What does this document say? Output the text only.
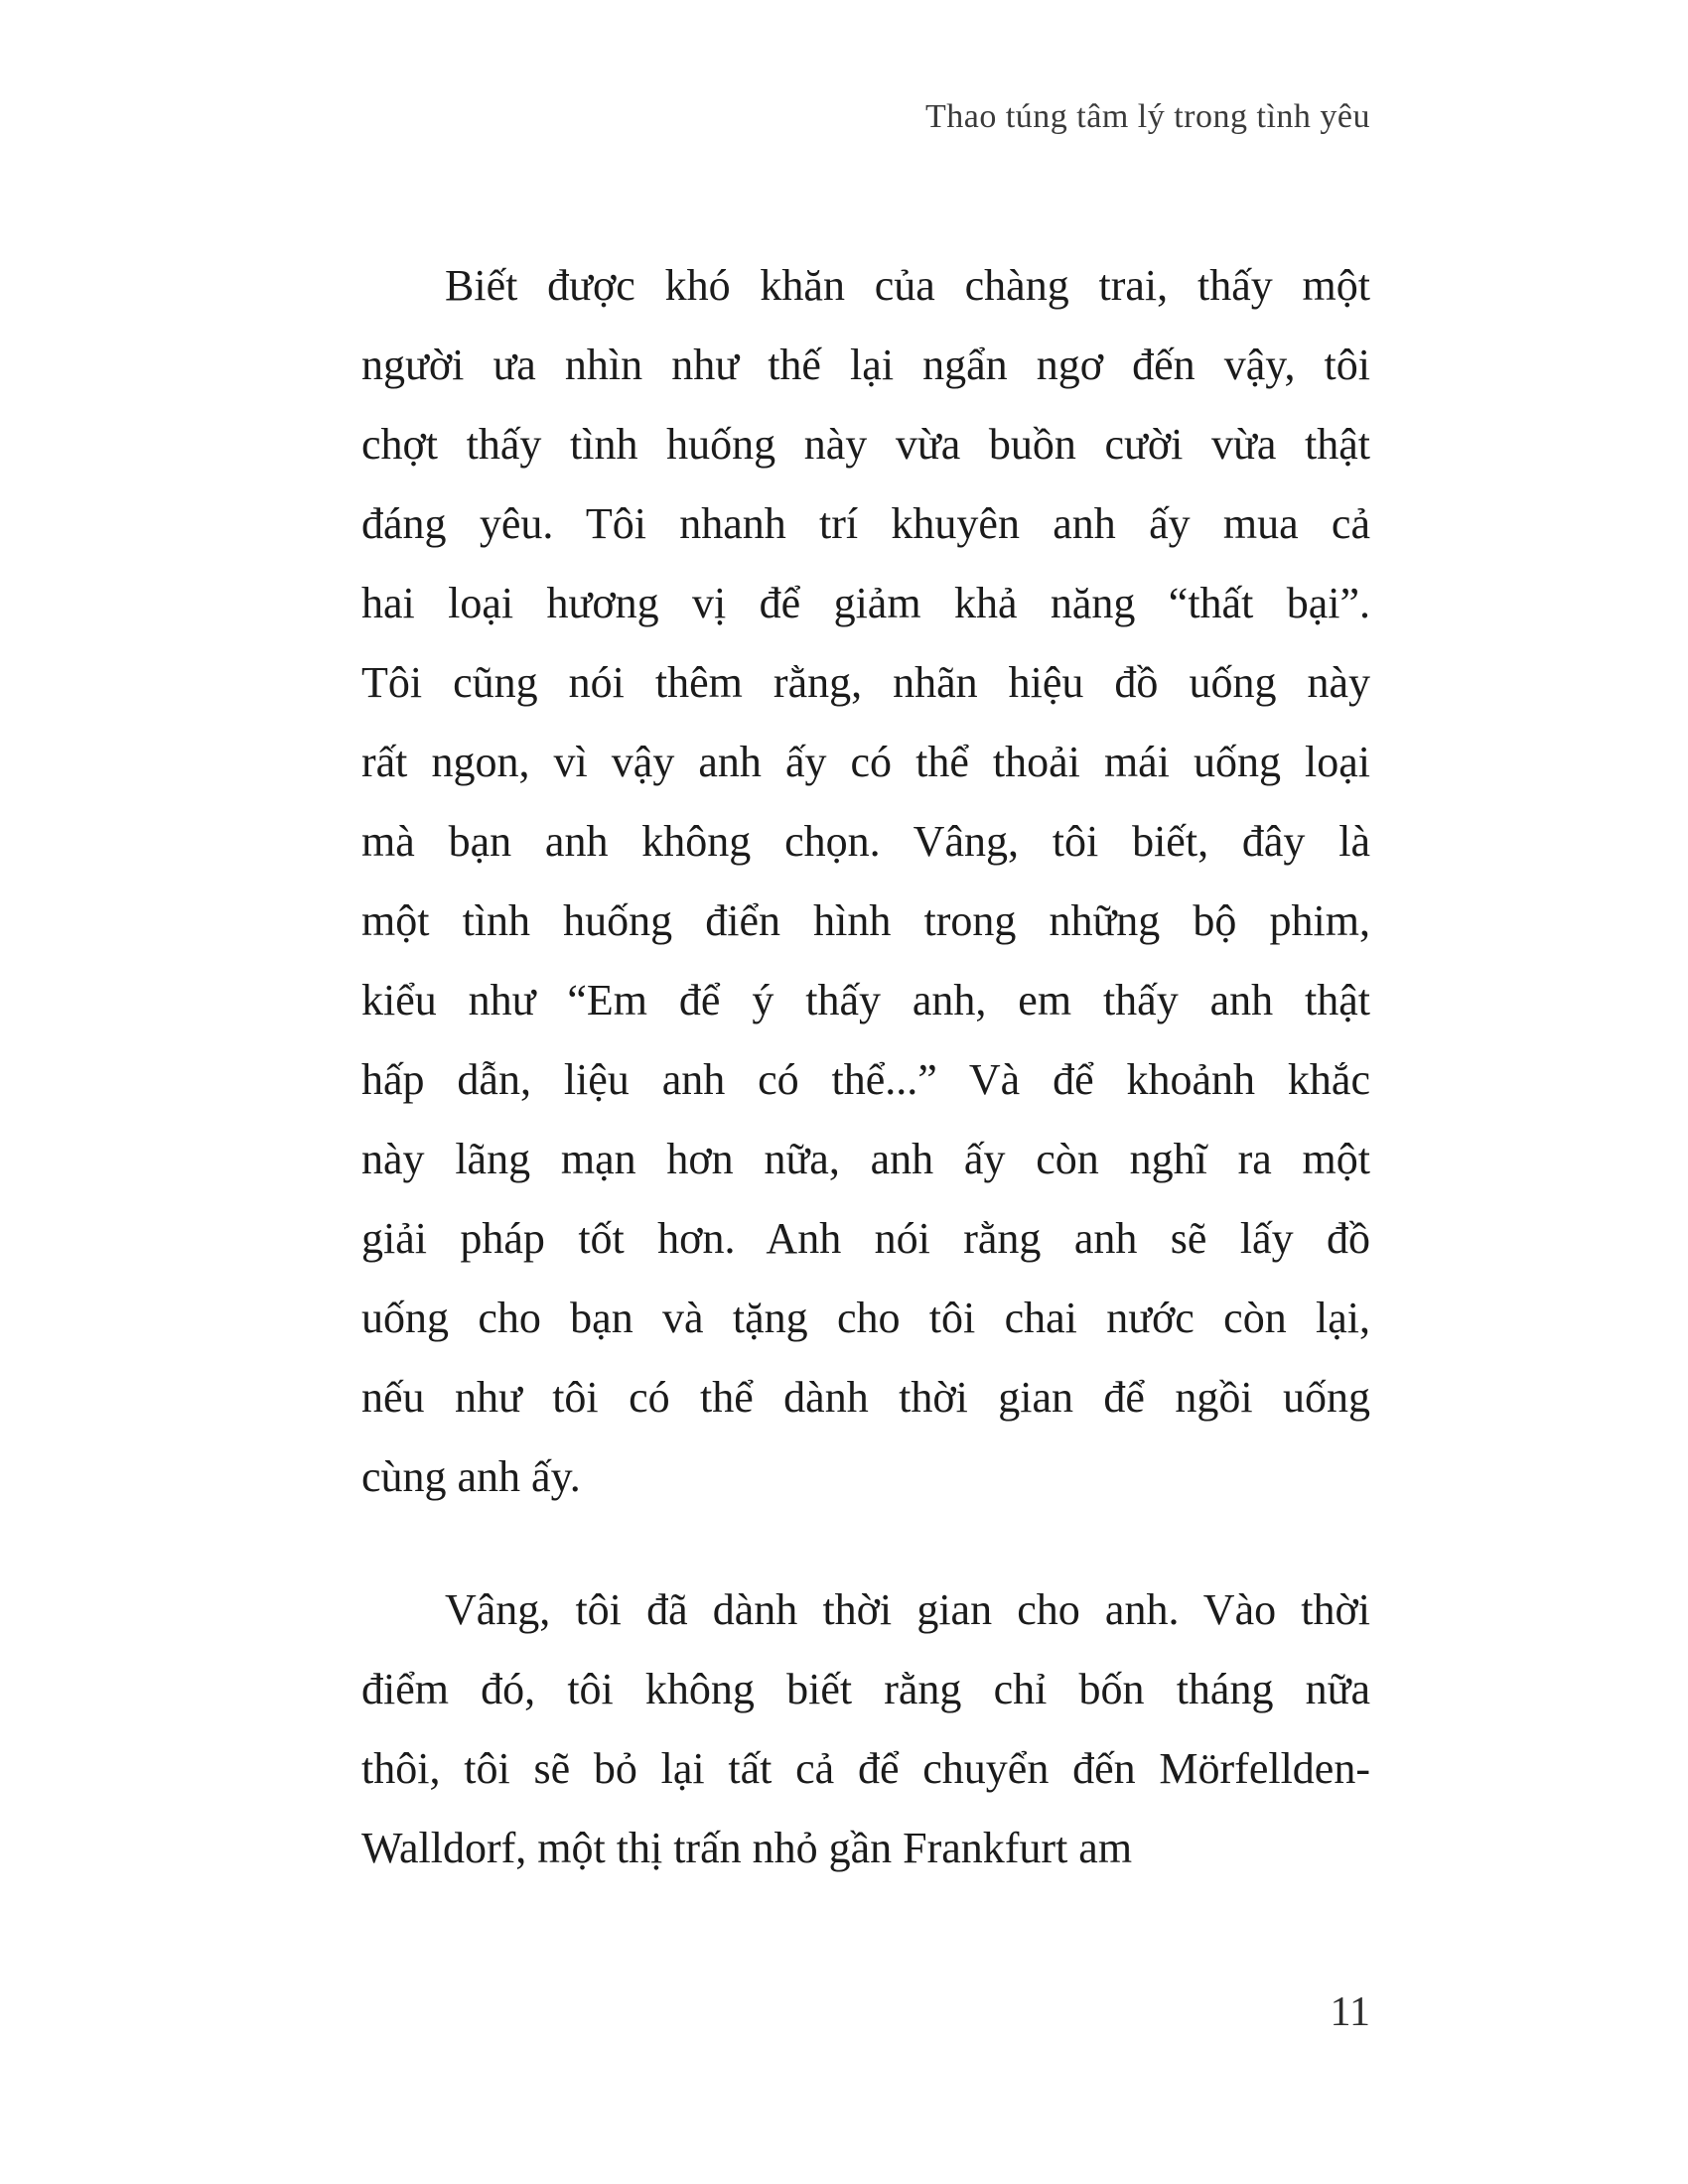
Thao túng tâm lý trong tình yêu
Biết được khó khăn của chàng trai, thấy một
người ưa nhìn như thế lại ngẩn ngơ đến vậy, tôi
chợt thấy tình huống này vừa buồn cười vừa thật
đáng yêu. Tôi nhanh trí khuyên anh ấy mua cả
hai loại hương vị để giảm khả năng “thất bại”.
Tôi cũng nói thêm rằng, nhãn hiệu đồ uống này
rất ngon, vì vậy anh ấy có thể thoải mái uống loại
mà bạn anh không chọn. Vâng, tôi biết, đây là
một tình huống điển hình trong những bộ phim,
kiểu như “Em để ý thấy anh, em thấy anh thật
hấp dẫn, liệu anh có thể...” Và để khoảnh khắc
này lãng mạn hơn nữa, anh ấy còn nghĩ ra một
giải pháp tốt hơn. Anh nói rằng anh sẽ lấy đồ
uống cho bạn và tặng cho tôi chai nước còn lại,
nếu như tôi có thể dành thời gian để ngồi uống
cùng anh ấy.
Vâng, tôi đã dành thời gian cho anh. Vào thời
điểm đó, tôi không biết rằng chỉ bốn tháng nữa
thôi, tôi sẽ bỏ lại tất cả để chuyển đến Mörfellden-
Walldorf, một thị trấn nhỏ gần Frankfurt am
11
